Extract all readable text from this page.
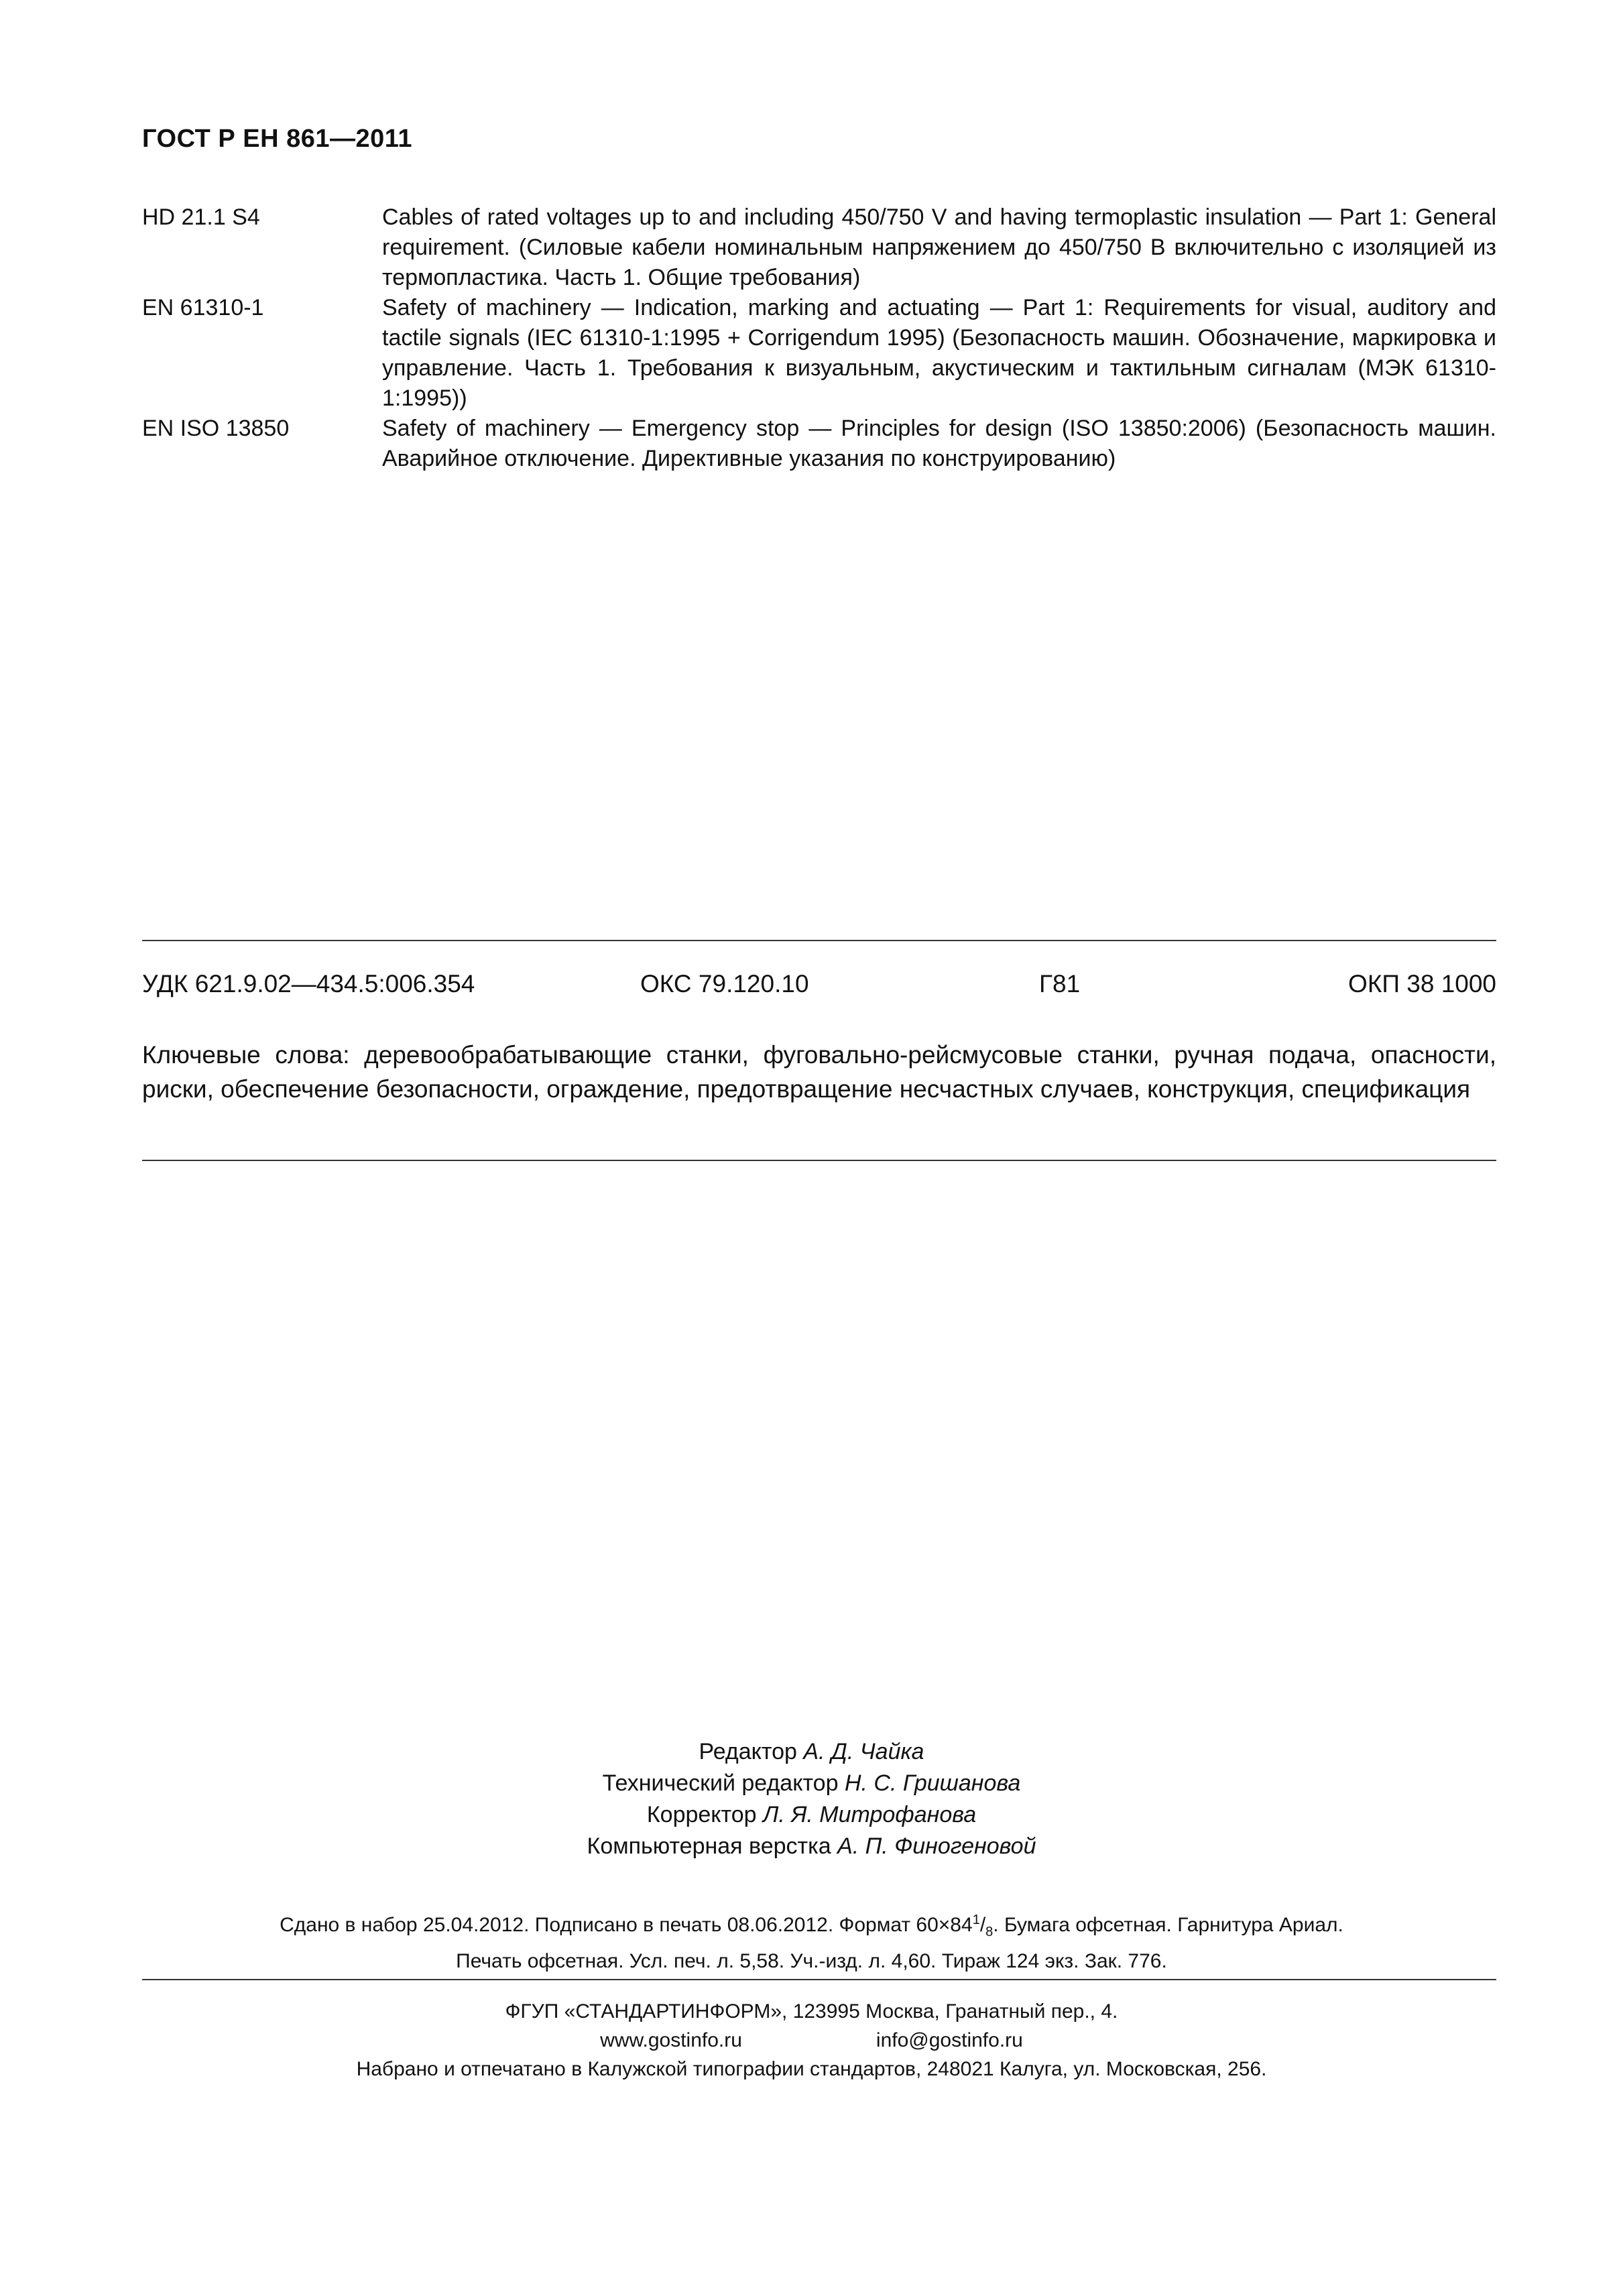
ГОСТ Р ЕН 861—2011
HD 21.1 S4	Cables of rated voltages up to and including 450/750 V and having termoplastic insulation — Part 1: General requirement. (Силовые кабели номинальным напряжением до 450/750 В включительно с изоляцией из термопластика. Часть 1. Общие требования)
EN 61310-1	Safety of machinery — Indication, marking and actuating — Part 1: Requirements for visual, auditory and tactile signals (IEC 61310-1:1995 + Corrigendum 1995) (Безопасность машин. Обозначение, маркировка и управление. Часть 1. Требования к визуальным, акустическим и тактильным сигналам (МЭК 61310-1:1995))
EN ISO 13850	Safety of machinery — Emergency stop — Principles for design (ISO 13850:2006) (Безопасность машин. Аварийное отключение. Директивные указания по конструированию)
УДК 621.9.02—434.5:006.354	ОКС 79.120.10	Г81	ОКП 38 1000
Ключевые слова: деревообрабатывающие станки, фуговально-рейсмусовые станки, ручная подача, опасности, риски, обеспечение безопасности, ограждение, предотвращение несчастных случаев, конструкция, спецификация
Редактор А. Д. Чайка
Технический редактор Н. С. Гришанова
Корректор Л. Я. Митрофанова
Компьютерная верстка А. П. Финогеновой
Сдано в набор 25.04.2012. Подписано в печать 08.06.2012. Формат $60\times 84^1/_8$. Бумага офсетная. Гарнитура Ариал.
Печать офсетная. Усл. печ. л. 5,58. Уч.-изд. л. 4,60. Тираж 124 экз. Зак. 776.
ФГУП «СТАНДАРТИНФОРМ», 123995 Москва, Гранатный пер., 4.
www.gostinfo.ru	info@gostinfo.ru
Набрано и отпечатано в Калужской типографии стандартов, 248021 Калуга, ул. Московская, 256.
